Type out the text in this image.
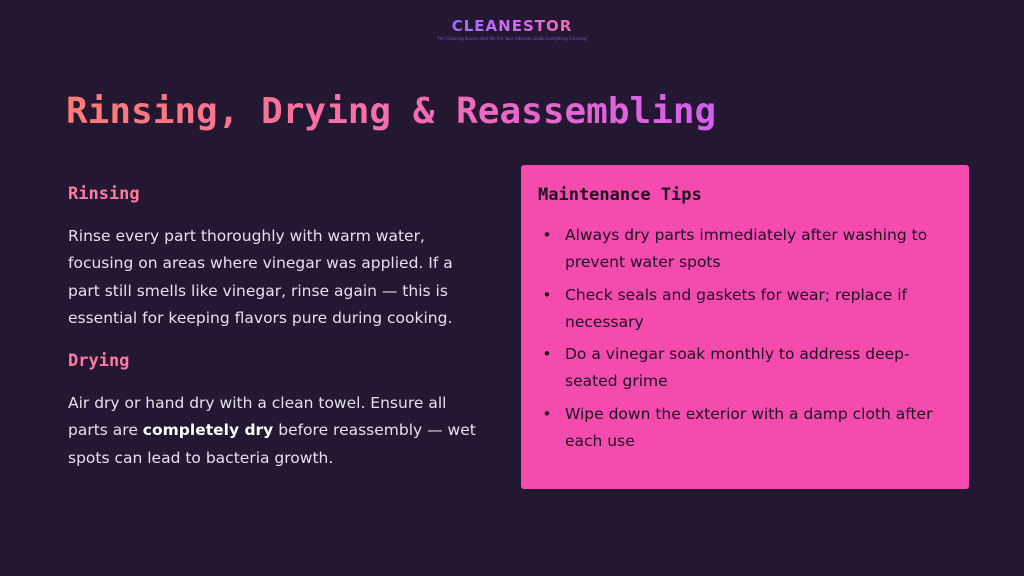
CLEANESTOR
The Cleaning Source Unit We Are Your Ultimate Guide Everything Cleaning
Rinsing, Drying & Reassembling
Rinsing

Rinse every part thoroughly with warm water, focusing on areas where vinegar was applied. If a part still smells like vinegar, rinse again — this is essential for keeping flavors pure during cooking.

Drying

Air dry or hand dry with a clean towel. Ensure all parts are completely dry before reassembly — wet spots can lead to bacteria growth.

Maintenance Tips
• Always dry parts immediately after washing to prevent water spots
• Check seals and gaskets for wear; replace if necessary
• Do a vinegar soak monthly to address deep-seated grime
• Wipe down the exterior with a damp cloth after each use
